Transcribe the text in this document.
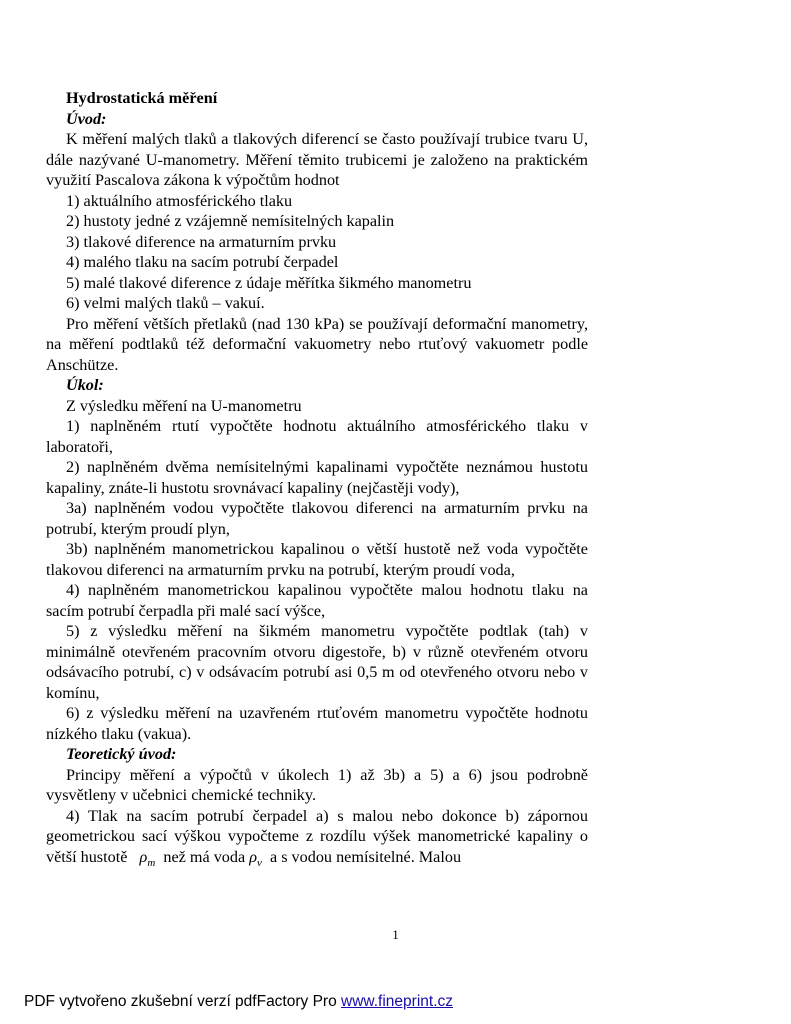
Hydrostatická měření

Úvod:

K měření malých tlaků a tlakových diferencí se často používají trubice tvaru U, dále nazývané U-manometry. Měření těmito trubicemi je založeno na praktickém využití Pascalova zákona k výpočtům hodnot

1) aktuálního atmosférického tlaku

2) hustoty jedné z vzájemně nemísitelných kapalin

3) tlakové diference na armaturním prvku

4) malého tlaku na sacím potrubí čerpadel

5) malé tlakové diference z údaje měřítka šikmého manometru

6) velmi malých tlaků – vakuí.

Pro měření větších přetlaků (nad 130 kPa) se používají deformační manometry, na měření podtlaků též deformační vakuometry nebo rtuťový vakuometr podle Anschütze.

Úkol:

Z výsledku měření na U-manometru

1) naplněném rtutí vypočtěte hodnotu aktuálního atmosférického tlaku v laboratoři,

2) naplněném dvěma nemísitelnými kapalinami vypočtěte neznámou hustotu kapaliny, znáte-li hustotu srovnávací kapaliny (nejčastěji vody),

3a) naplněném vodou vypočtěte tlakovou diferenci na armaturním prvku na potrubí, kterým proudí plyn,

3b) naplněném manometrickou kapalinou o větší hustotě než voda vypočtěte tlakovou diferenci na armaturním prvku na potrubí, kterým proudí voda,

4) naplněném manometrickou kapalinou vypočtěte malou hodnotu tlaku na sacím potrubí čerpadla při malé sací výšce,

5) z výsledku měření na šikmém manometru vypočtěte podtlak (tah) v minimálně otevřeném pracovním otvoru digestoře, b) v různě otevřeném otvoru odsávacího potrubí, c) v odsávacím potrubí asi 0,5 m od otevřeného otvoru nebo v komínu,

6) z výsledku měření na uzavřeném rtuťovém manometru vypočtěte hodnotu nízkého tlaku (vakua).

Teoretický úvod:

Principy měření a výpočtů v úkolech 1) až 3b) a 5) a 6) jsou podrobně vysvětleny v učebnici chemické techniky.

4) Tlak na sacím potrubí čerpadel a) s malou nebo dokonce b) zápornou geometrickou sací výškou vypočteme z rozdílu výšek manometrické kapaliny o větší hustotě $\rho_m$ než má voda $\rho_v$ a s vodou nemísitelné. Malou

1
PDF vytvořeno zkušební verzí pdfFactory Pro www.fineprint.cz
